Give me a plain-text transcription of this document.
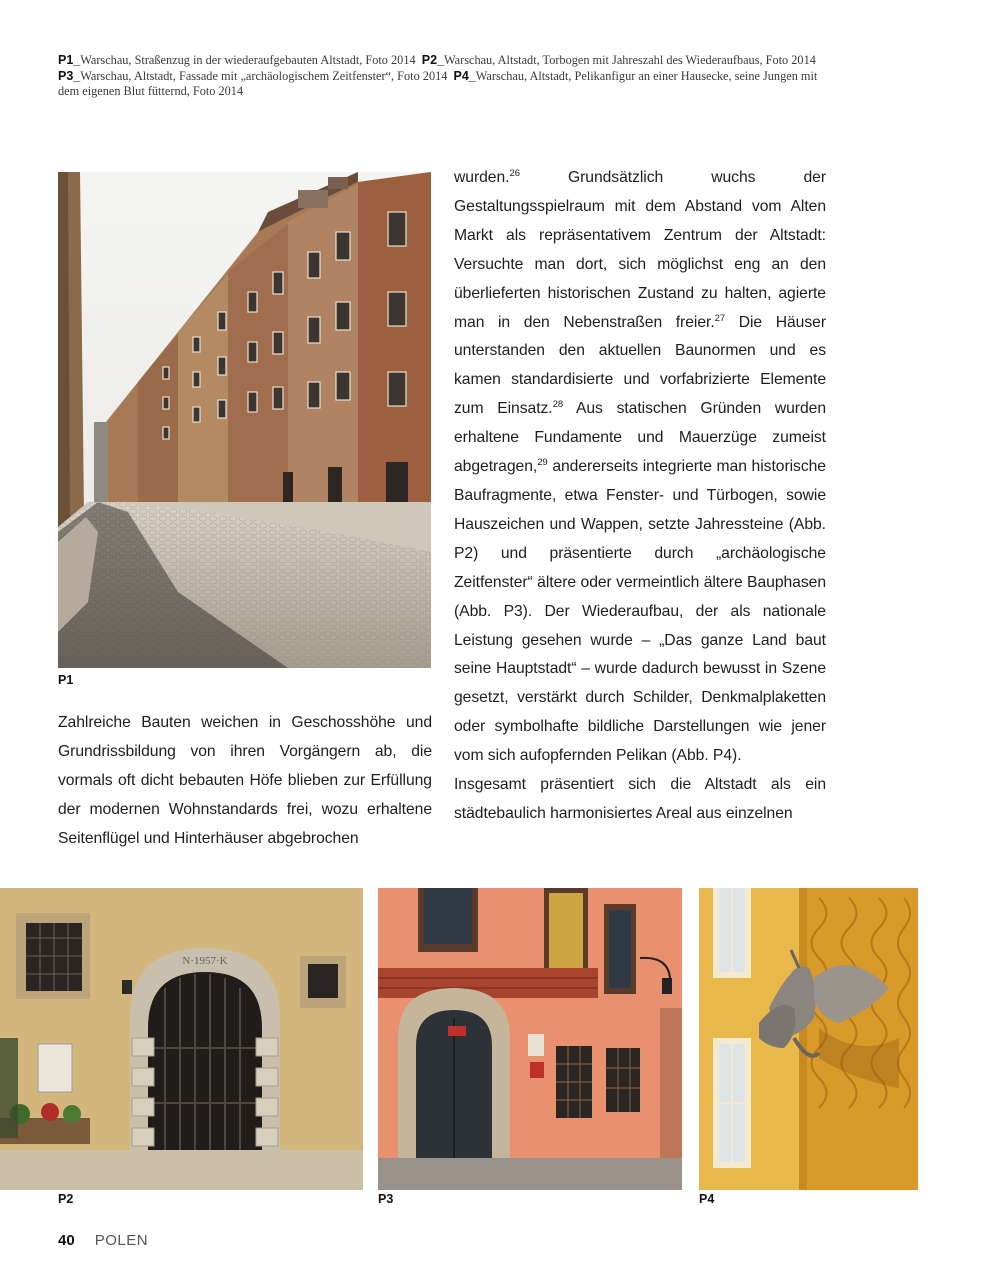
P1_Warschau, Straßenzug in der wiederaufgebauten Altstadt, Foto 2014 P2_Warschau, Altstadt, Torbogen mit Jahreszahl des Wiederaufbaus, Foto 2014  P3_Warschau, Altstadt, Fassade mit „archäologischem Zeitfenster“, Foto 2014 P4_Warschau, Altstadt, Pelikanfigur an einer Hausecke, seine Jungen mit dem eigenen Blut fütternd, Foto 2014
P1

Zahlreiche Bauten weichen in Geschosshöhe und Grundrissbildung von ihren Vorgängern ab, die vormals oft dicht bebauten Höfe blieben zur Erfüllung der modernen Wohnstandards frei, wozu erhaltene Seitenflügel und Hinterhäuser abgebrochen

wurden.$^{26}$ Grundsätzlich wuchs der Gestaltungsspielraum mit dem Abstand vom Alten Markt als repräsentativem Zentrum der Altstadt: Versuchte man dort, sich möglichst eng an den überlieferten historischen Zustand zu halten, agierte man in den Nebenstraßen freier.$^{27}$ Die Häuser unterstanden den aktuellen Baunormen und es kamen standardisierte und vorfabrizierte Elemente zum Einsatz.$^{28}$ Aus statischen Gründen wurden erhaltene Fundamente und Mauerzüge zumeist abgetragen,$^{29}$ andererseits integrierte man historische Baufragmente, etwa Fenster- und Türbogen, sowie Hauszeichen und Wappen, setzte Jahressteine (Abb. P2) und präsentierte durch „archäologische Zeitfenster“ ältere oder vermeintlich ältere Bauphasen (Abb. P3). Der Wiederaufbau, der als nationale Leistung gesehen wurde – „Das ganze Land baut seine Hauptstadt“ – wurde dadurch bewusst in Szene gesetzt, verstärkt durch Schilder, Denkmalplaketten oder symbolhafte bildliche Darstellungen wie jener vom sich aufopfernden Pelikan (Abb. P4).

Insgesamt präsentiert sich die Altstadt als ein städtebaulich harmonisiertes Areal aus einzelnen

N·1957·K
P2	P3	P4
40 POLEN
